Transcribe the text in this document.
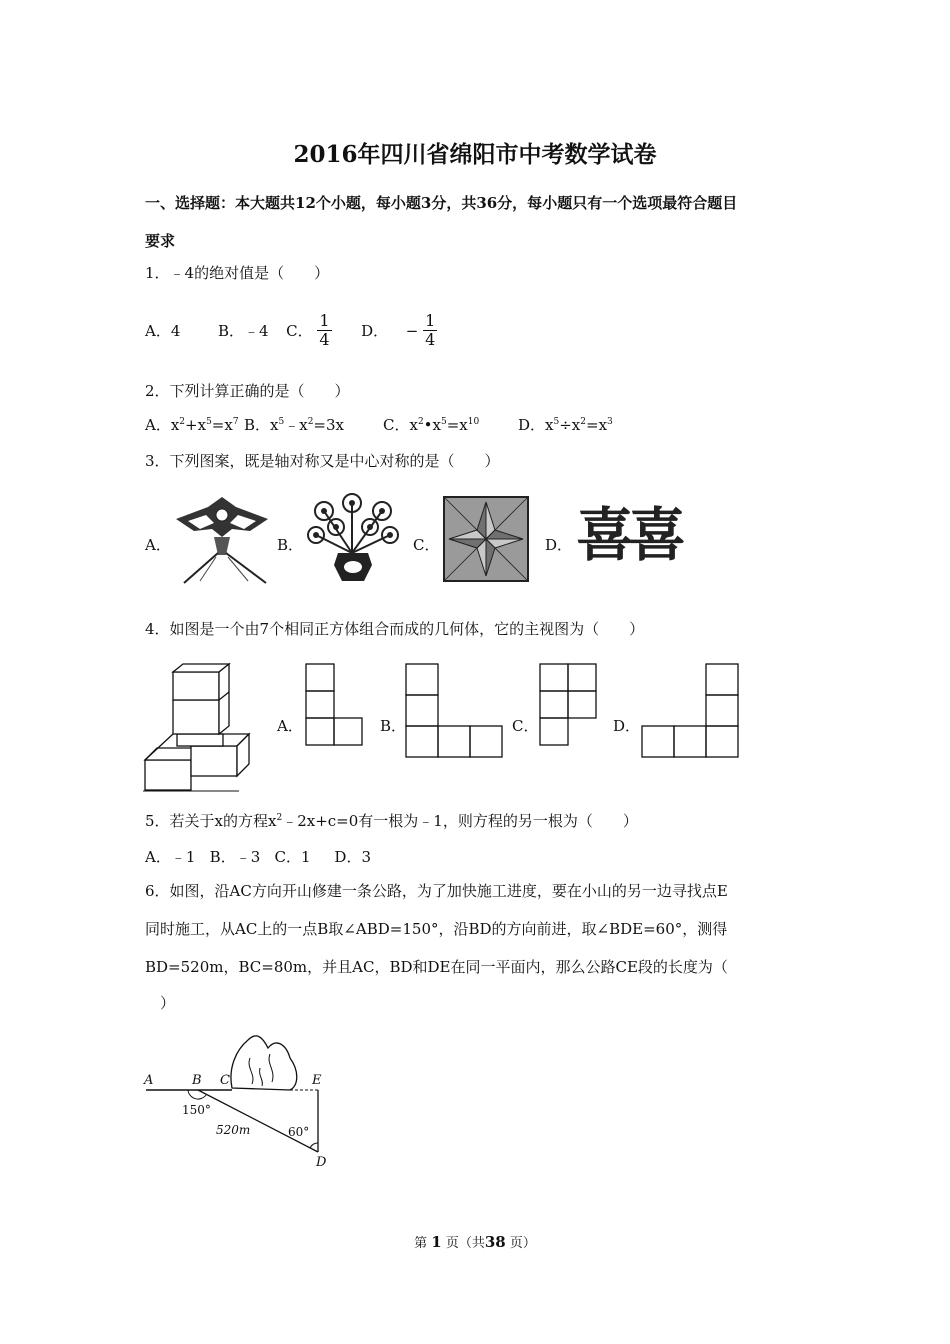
2016年四川省绵阳市中考数学试卷
一、选择题：本大题共12个小题，每小题3分，共36分，每小题只有一个选项最符合题目
要求
1．﹣4的绝对值是（　　）
A．4	B．﹣4 C． $\frac{1}{4}$ D． − $\frac{1}{4}$
2．下列计算正确的是（　　）
A．$x^2+x^5=x^7$ B．$x^5﹣x^2=3x$	C．$x^2•x^5=x^{10}$	D．$x^5\div x^2=x^3$
3．下列图案，既是轴对称又是中心对称的是（　　）
A．	B．	C．	D． 喜喜
4．如图是一个由7个相同正方体组合而成的几何体，它的主视图为（　　）
A．	B．	C．	D．
5．若关于x的方程$x^2﹣2x+c=0$有一根为﹣1，则方程的另一根为（　　）
A．﹣1   B．﹣3   C．1     D．3
6．如图，沿AC方向开山修建一条公路，为了加快施工进度，要在小山的另一边寻找点E
同时施工，从AC上的一点B取∠ABD=150°，沿BD的方向前进，取∠BDE=60°，测得
BD=520m，BC=80m，并且AC，BD和DE在同一平面内，那么公路CE段的长度为（
）
A	B C	E
D
150°
60°
520m
第 1 页（共38 页）
